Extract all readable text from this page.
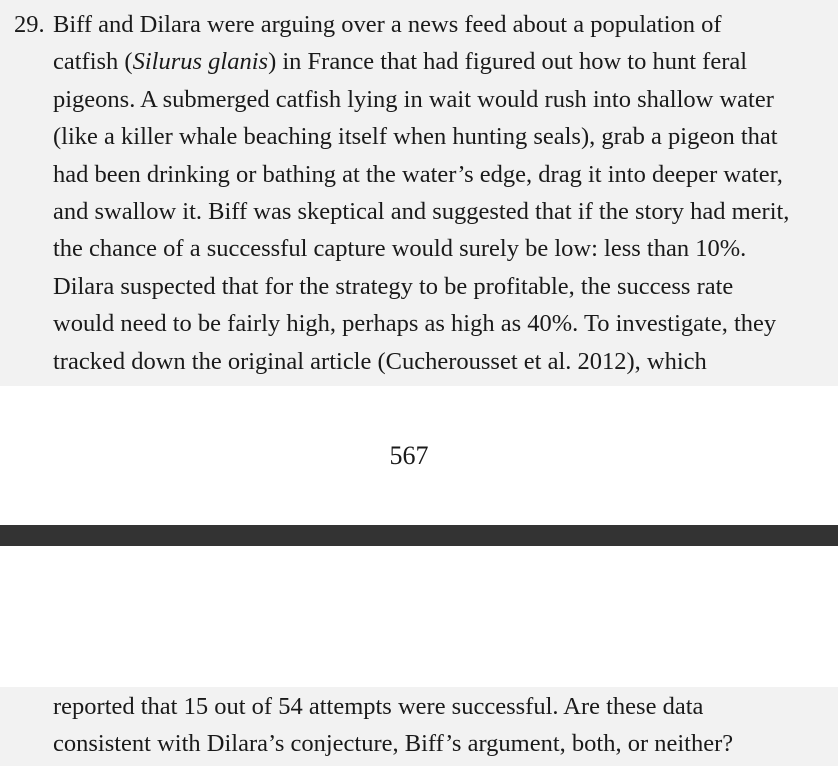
29. Biff and Dilara were arguing over a news feed about a population of
catfish (Silurus glanis) in France that had figured out how to hunt feral
pigeons. A submerged catfish lying in wait would rush into shallow water
(like a killer whale beaching itself when hunting seals), grab a pigeon that
had been drinking or bathing at the water’s edge, drag it into deeper water,
and swallow it. Biff was skeptical and suggested that if the story had merit,
the chance of a successful capture would surely be low: less than 10%.
Dilara suspected that for the strategy to be profitable, the success rate
would need to be fairly high, perhaps as high as 40%. To investigate, they
tracked down the original article (Cucherousset et al. 2012), which
567
reported that 15 out of 54 attempts were successful. Are these data
consistent with Dilara’s conjecture, Biff’s argument, both, or neither?
